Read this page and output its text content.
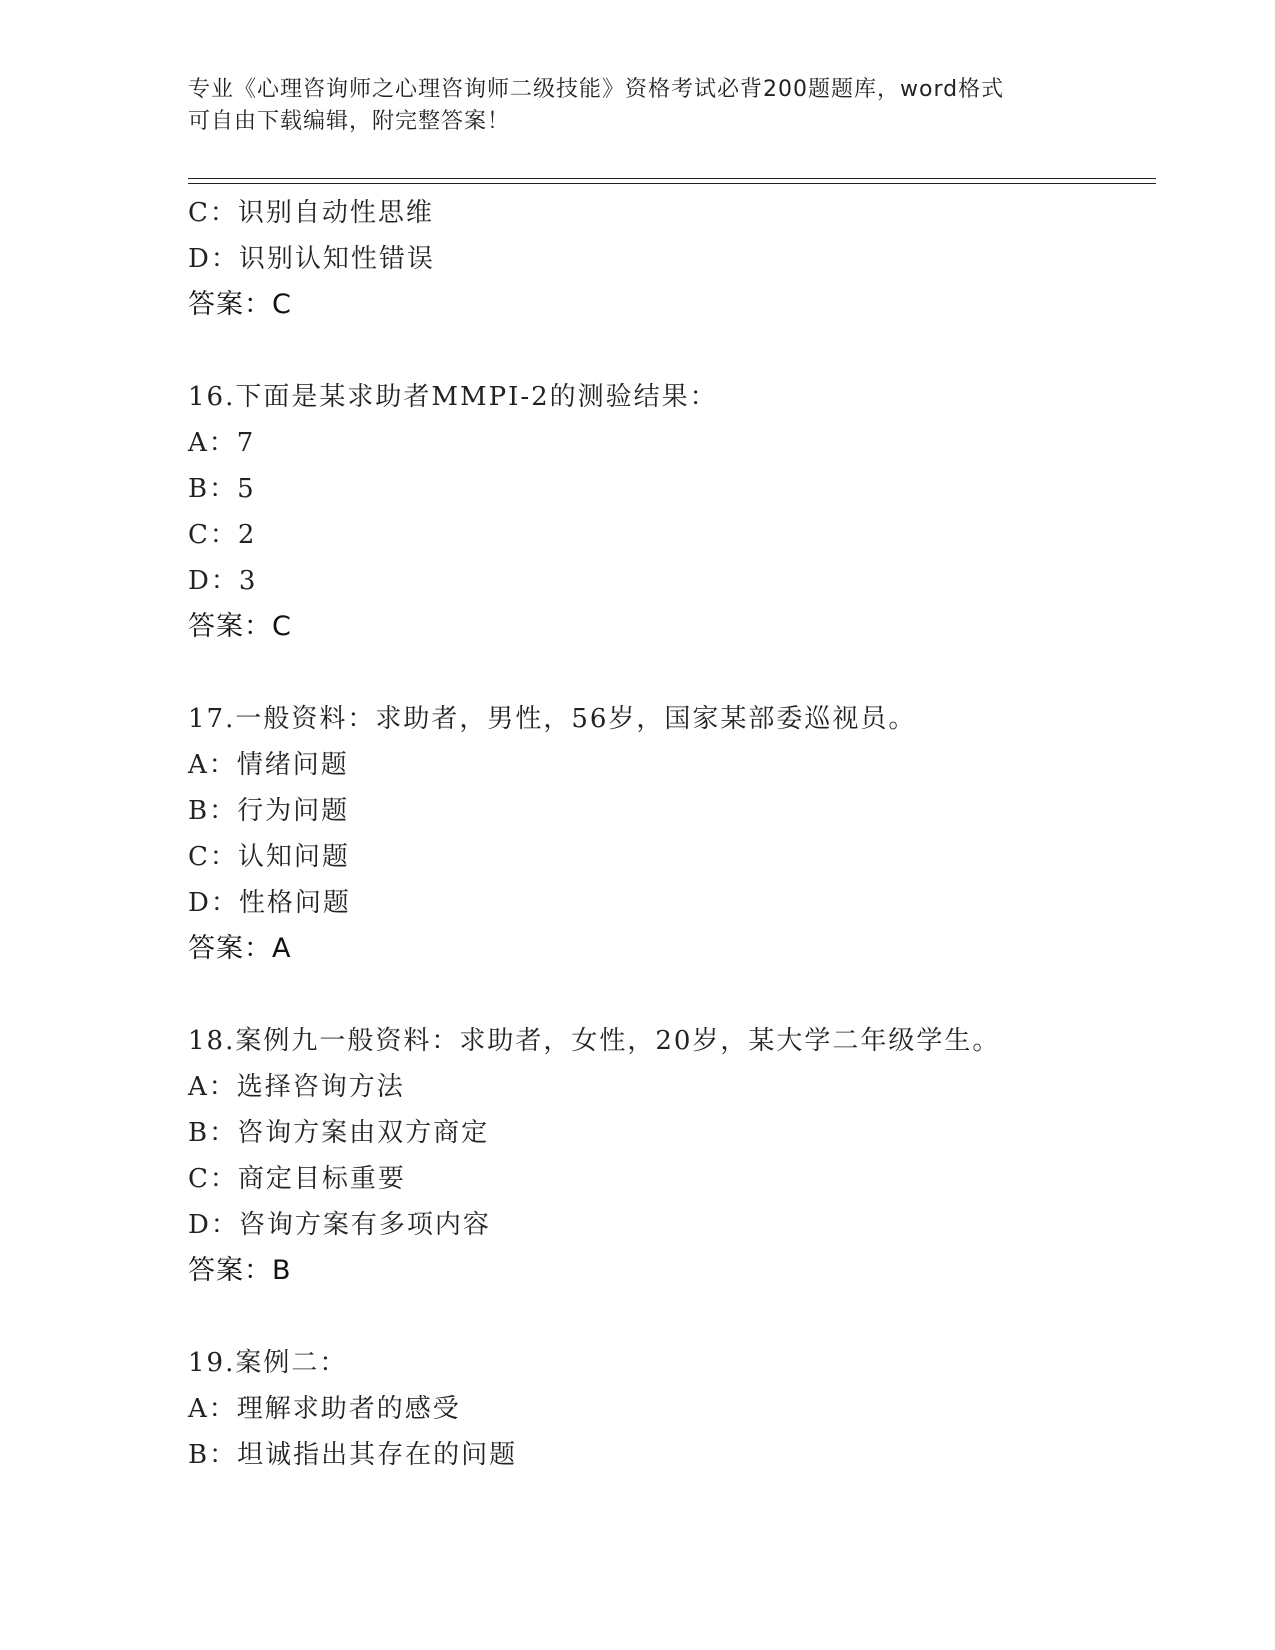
专业《心理咨询师之心理咨询师二级技能》资格考试必背200题题库，word格式
可自由下载编辑，附完整答案！
C：识别自动性思维
D：识别认知性错误
答案：C
16.下面是某求助者MMPI-2的测验结果：
A：7
B：5
C：2
D：3
答案：C
17.一般资料：求助者，男性，56岁，国家某部委巡视员。
A：情绪问题
B：行为问题
C：认知问题
D：性格问题
答案：A
18.案例九一般资料：求助者，女性，20岁，某大学二年级学生。
A：选择咨询方法
B：咨询方案由双方商定
C：商定目标重要
D：咨询方案有多项内容
答案：B
19.案例二：
A：理解求助者的感受
B：坦诚指出其存在的问题
